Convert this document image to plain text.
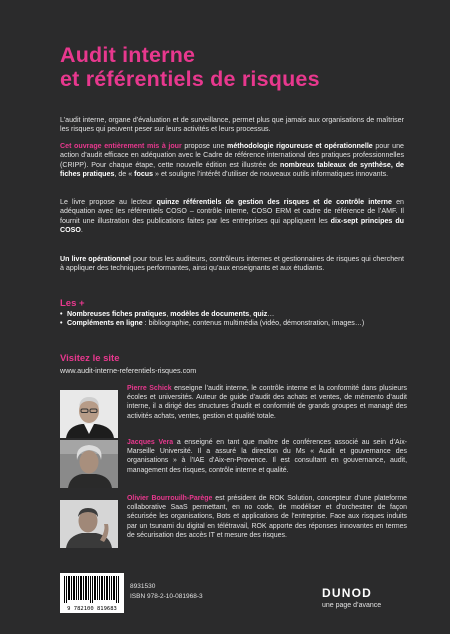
Audit interne
et référentiels de risques

L’audit interne, organe d’évaluation et de surveillance, permet plus que jamais aux organisations de maîtriser les risques qui peuvent peser sur leurs activités et leurs processus.

Cet ouvrage entièrement mis à jour propose une méthodologie rigoureuse et opérationnelle pour une action d’audit efficace en adéquation avec le Cadre de référence international des pratiques professionnelles (CRIPP). Pour chaque étape, cette nouvelle édition est illustrée de nombreux tableaux de synthèse, de fiches pratiques, de « focus » et souligne l’intérêt d’utiliser de nouveaux outils informatiques innovants.

Le livre propose au lecteur quinze référentiels de gestion des risques et de contrôle interne en adéquation avec les référentiels COSO – contrôle interne, COSO ERM et cadre de référence de l’AMF. Il fournit une illustration des publications faites par les entreprises qui appliquent les dix-sept principes du COSO.

Un livre opérationnel pour tous les auditeurs, contrôleurs internes et gestionnaires de risques qui cherchent à appliquer des techniques performantes, ainsi qu’aux enseignants et aux étudiants.

Les +
• Nombreuses fiches pratiques, modèles de documents, quiz…
• Compléments en ligne : bibliographie, contenus multimédia (vidéo, démonstration, images…)
Visitez le site
www.audit-interne-referentiels-risques.com

Pierre Schick enseigne l’audit interne, le contrôle interne et la conformité dans plusieurs écoles et universités. Auteur de guide d’audit des achats et ventes, de mémento d’audit interne, il a dirigé des structures d’audit et conformité de grands groupes et managé des activités achats, ventes, gestion et qualité totale.

Jacques Vera a enseigné en tant que maître de conférences associé au sein d’Aix-Marseille Université. Il a assuré la direction du Ms « Audit et gouvernance des organisations » à l’IAE d’Aix-en-Provence. Il est consultant en gouvernance, audit, management des risques, contrôle interne et qualité.

Olivier Bourrouilh-Parège est président de ROK Solution, concepteur d’une plateforme collaborative SaaS permettant, en no code, de modéliser et d’orchestrer de façon sécurisée les organisations, Bots et applications de l’entreprise. Face aux risques induits par un tsunami du digital en télétravail, ROK apporte des réponses innovantes en termes de sécurisation des accès IT et mesure des risques.

9 782100 819683
8931530
ISBN 978-2-10-081968-3	DUNOD
une page d’avance
